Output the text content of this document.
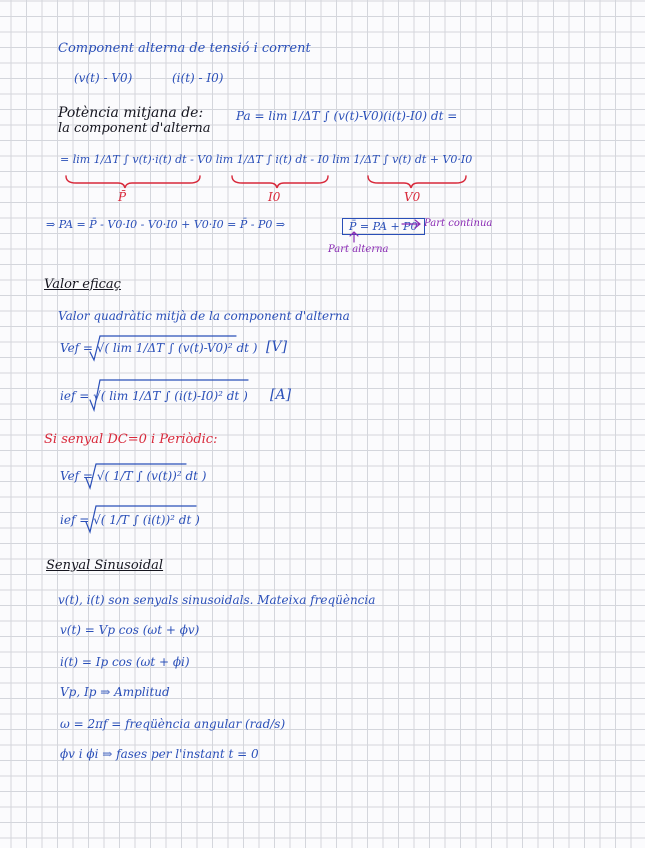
Component alterna de tensió i corrent
(v(t) - V0)	(i(t) - I0)
Potència mitjana de:
la component d'alterna
Pa = lim 1/ΔT ∫ (v(t)-V0)(i(t)-I0) dt =
= lim 1/ΔT ∫ v(t)·i(t) dt - V0 lim 1/ΔT ∫ i(t) dt - I0 lim 1/ΔT ∫ v(t) dt + V0·I0
P̄	I0	V0
⇒ PA = P̄ - V0·I0 - V0·I0 + V0·I0 = P̄ - P0 ⇒	P̄ = PA + P0 Part continua
Part alterna
Valor eficaç
Valor quadràtic mitjà de la component d'alterna
Vef = √( lim 1/ΔT ∫ (v(t)-V0)² dt ) [V]
ief = √( lim 1/ΔT ∫ (i(t)-I0)² dt ) [A]
Si senyal DC=0 i Periòdic:
Vef = √( 1/T ∫ (v(t))² dt )
ief = √( 1/T ∫ (i(t))² dt )
Senyal Sinusoidal
v(t), i(t) son senyals sinusoidals. Mateixa freqüència
v(t) = Vp cos (ωt + ϕv)
i(t) = Ip cos (ωt + ϕi)
Vp, Ip ⇒ Amplitud
ω = 2πf = freqüència angular (rad/s)
ϕv i ϕi ⇒ fases per l'instant t = 0
